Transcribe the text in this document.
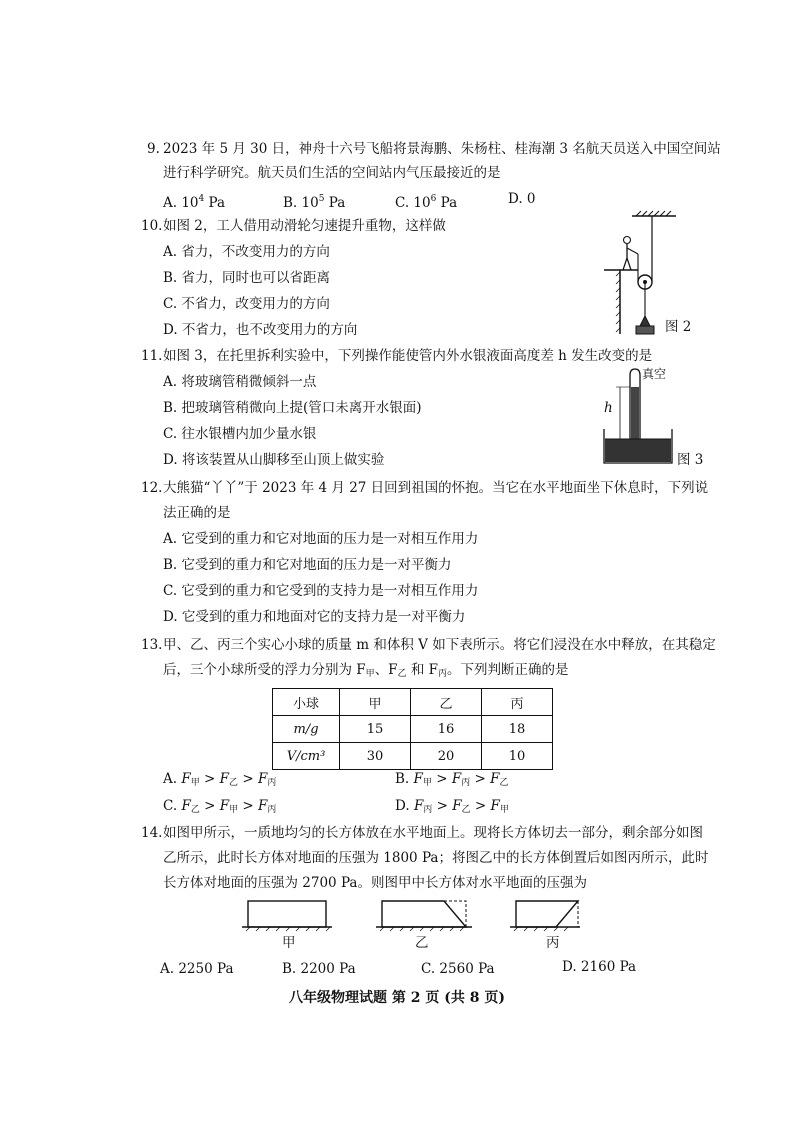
9. 2023 年 5 月 30 日，神舟十六号飞船将景海鹏、朱杨柱、桂海潮 3 名航天员送入中国空间站
进行科学研究。航天员们生活的空间站内气压最接近的是
A. $10^4$ Pa	B. $10^5$ Pa	C. $10^6$ Pa	D. 0
10. 如图 2，工人借用动滑轮匀速提升重物，这样做
A. 省力，不改变用力的方向
B. 省力，同时也可以省距离
C. 不省力，改变用力的方向
D. 不省力，也不改变用力的方向	图 2
11. 如图 3，在托里拆利实验中，下列操作能使管内外水银液面高度差 h 发生改变的是
A. 将玻璃管稍微倾斜一点
B. 把玻璃管稍微向上提(管口未离开水银面)
C. 往水银槽内加少量水银
D. 将该装置从山脚移至山顶上做实验
h
真空
图 3
12. 大熊猫“丫丫”于 2023 年 4 月 27 日回到祖国的怀抱。当它在水平地面坐下休息时，下列说
法正确的是
A. 它受到的重力和它对地面的压力是一对相互作用力
B. 它受到的重力和它对地面的压力是一对平衡力
C. 它受到的重力和它受到的支持力是一对相互作用力
D. 它受到的重力和地面对它的支持力是一对平衡力
13. 甲、乙、丙三个实心小球的质量 m 和体积 V 如下表所示。将它们浸没在水中释放，在其稳定
后，三个小球所受的浮力分别为 $F_甲$、$F_乙$ 和 $F_丙$。下列判断正确的是
小球	甲	乙	丙
m/g	15	16	18
V/cm³	30	20	10
A. $F_甲 > F_乙 > F_丙$	B. $F_甲 > F_丙 > F_乙$
C. $F_乙 > F_甲 > F_丙$	D. $F_丙 > F_乙 > F_甲$
14. 如图甲所示，一质地均匀的长方体放在水平地面上。现将长方体切去一部分，剩余部分如图
乙所示，此时长方体对地面的压强为 1800 Pa；将图乙中的长方体倒置后如图丙所示，此时
长方体对地面的压强为 2700 Pa。则图甲中长方体对水平地面的压强为
甲	乙	丙
A. 2250 Pa	B. 2200 Pa	C. 2560 Pa	D. 2160 Pa
八年级物理试题 第 2 页 (共 8 页)
